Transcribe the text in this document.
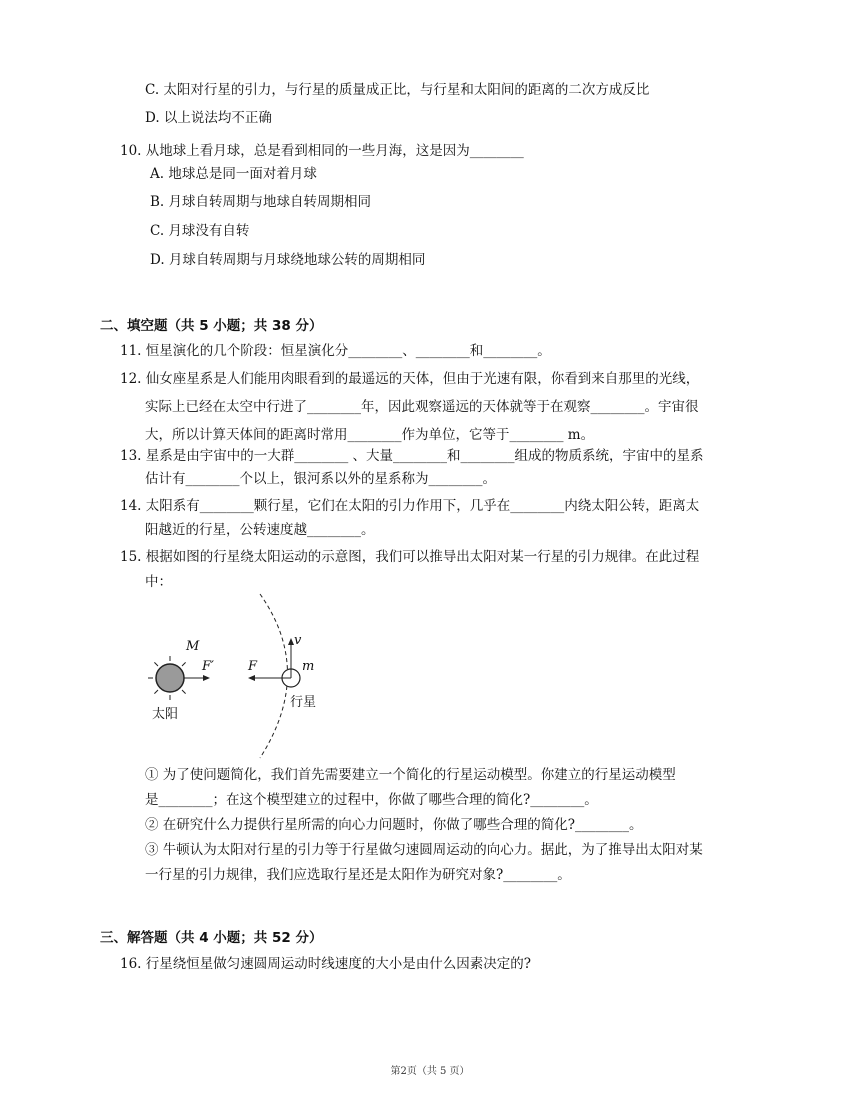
C. 太阳对行星的引力，与行星的质量成正比，与行星和太阳间的距离的二次方成反比
D. 以上说法均不正确
10. 从地球上看月球，总是看到相同的一些月海，这是因为________
A. 地球总是同一面对着月球
B. 月球自转周期与地球自转周期相同
C. 月球没有自转
D. 月球自转周期与月球绕地球公转的周期相同
11. 恒星演化的几个阶段：恒星演化分________、________和________。
12. 仙女座星系是人们能用肉眼看到的最遥远的天体，但由于光速有限，你看到来自那里的光线，
实际上已经在太空中行进了________年，因此观察遥远的天体就等于在观察________。宇宙很
大，所以计算天体间的距离时常用________作为单位，它等于________ m。
13. 星系是由宇宙中的一大群________ 、大量________和________组成的物质系统，宇宙中的星系
估计有________个以上，银河系以外的星系称为________。
14. 太阳系有________颗行星，它们在太阳的引力作用下，几乎在________内绕太阳公转，距离太
阳越近的行星，公转速度越________。
15. 根据如图的行星绕太阳运动的示意图，我们可以推导出太阳对某一行星的引力规律。在此过程
中：
① 为了使问题简化，我们首先需要建立一个简化的行星运动模型。你建立的行星运动模型
是________；在这个模型建立的过程中，你做了哪些合理的简化?________。
② 在研究什么力提供行星所需的向心力问题时，你做了哪些合理的简化?________。
③ 牛顿认为太阳对行星的引力等于行星做匀速圆周运动的向心力。据此，为了推导出太阳对某
一行星的引力规律，我们应选取行星还是太阳作为研究对象?________。
16. 行星绕恒星做匀速圆周运动时线速度的大小是由什么因素决定的?
二、填空题（共 5 小题；共 38 分）
三、解答题（共 4 小题；共 52 分）
M
F′
太阳
F	m
v
行星
第2页（共 5 页）
